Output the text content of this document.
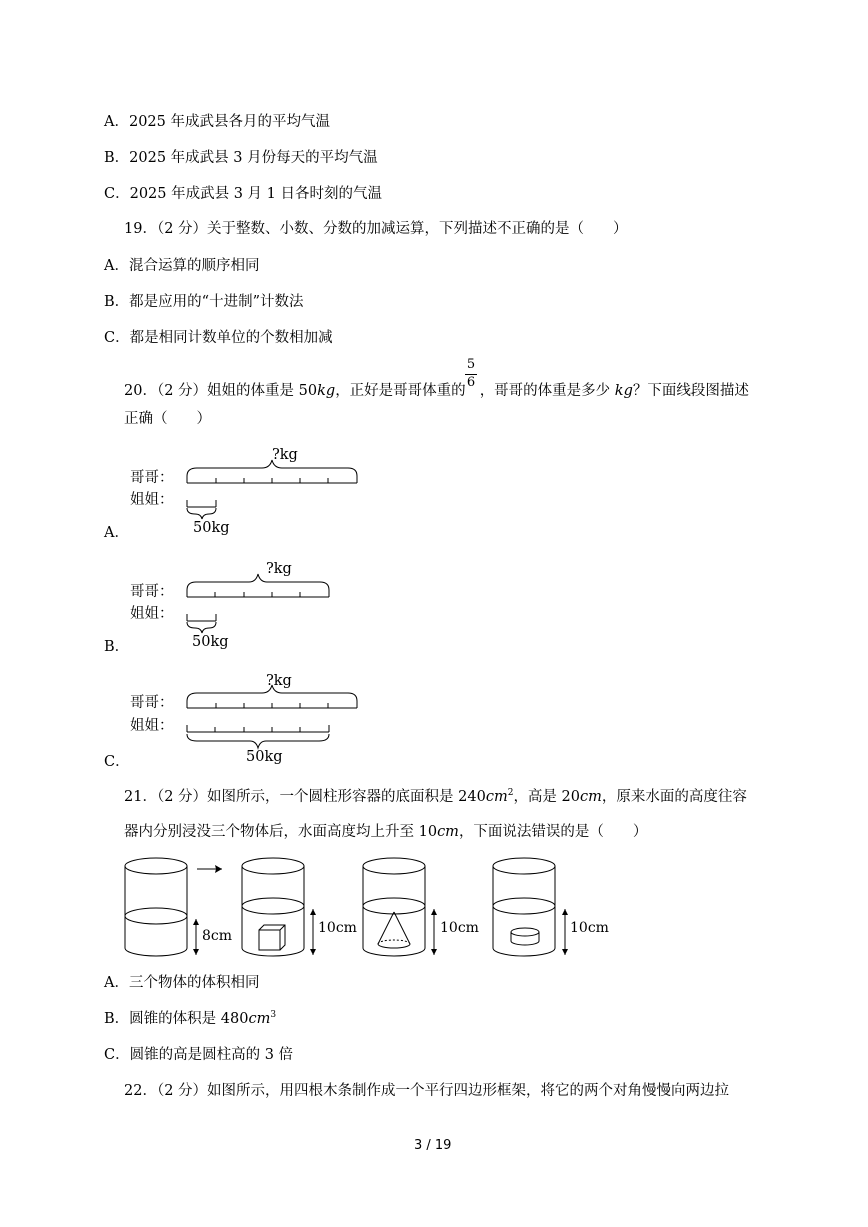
A．2025 年成武县各月的平均气温
B．2025 年成武县 3 月份每天的平均气温
C．2025 年成武县 3 月 1 日各时刻的气温
19．（2 分）关于整数、小数、分数的加减运算，下列描述不正确的是（　　）
A．混合运算的顺序相同
B．都是应用的“十进制”计数法
C．都是相同计数单位的个数相加减
20．（2 分）姐姐的体重是 50kg，正好是哥哥体重的 ，哥哥的体重是多少 kg？下面线段图描述
5
6
正确（　　）
?kg
哥哥：
姐姐：
50kg
A．
?kg
哥哥：
姐姐：
50kg
B．
?kg
哥哥：
姐姐：
50kg
C．
21．（2 分）如图所示，一个圆柱形容器的底面积是 $240cm^2$，高是 20cm，原来水面的高度往容
器内分别浸没三个物体后，水面高度均上升至 10cm，下面说法错误的是（　　）
8cm	10cm	10cm	10cm
A．三个物体的体积相同
B．圆锥的体积是 $480cm^3$
C．圆锥的高是圆柱高的 3 倍
22．（2 分）如图所示，用四根木条制作成一个平行四边形框架，将它的两个对角慢慢向两边拉
3 / 19
